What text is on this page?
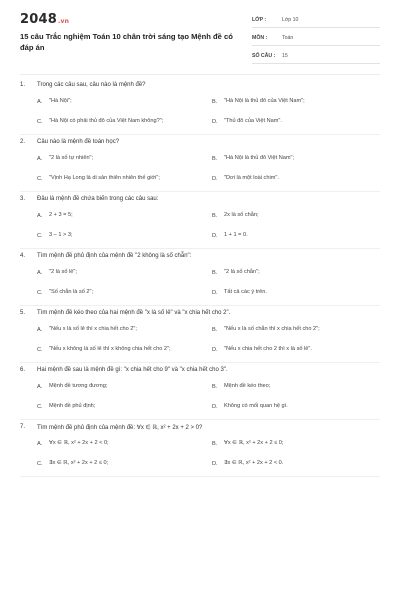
2048.vn
15 câu Trắc nghiệm Toán 10 chân trời sáng tạo Mệnh đề có đáp án
LỚP :	Lớp 10
MÔN :	Toán
SỐ CÂU :	15
1.	Trong các câu sau, câu nào là mệnh đề?
A.	"Hà Nội";	B.	"Hà Nội là thủ đô của Việt Nam";
C.	"Hà Nội có phải thủ đô của Việt Nam không?";	D.	"Thủ đô của Việt Nam".
2.	Câu nào là mệnh đề toán học?
A.	"2 là số tự nhiên";	B.	"Hà Nội là thủ đô Việt Nam";
C.	"Vịnh Hạ Long là di sản thiên nhiên thế giới";	D.	"Dơi là một loài chim".
3.	Đâu là mệnh đề chứa biến trong các câu sau:
A.	2 + 3 = 5;	B.	2x là số chẵn;
C.	3 – 1 > 3;	D.	1 + 1 = 0.
4.	Tìm mệnh đề phủ định của mệnh đề "2 không là số chẵn":
A.	"2 là số lẻ";	B.	"2 là số chẵn";
C.	"Số chẵn là số 2";	D.	Tất cả các ý trên.
5.	Tìm mệnh đề kéo theo của hai mệnh đề "x là số lẻ" và "x chia hết cho 2".
A.	"Nếu x là số lẻ thì x chia hết cho 2";	B.	"Nếu x là số chẵn thì x chia hết cho 2";
C.	"Nếu x không là số lẻ thì x không chia hết cho 2";	D.	"Nếu x chia hết cho 2 thì x là số lẻ".
6.	Hai mệnh đề sau là mệnh đề gì: "x chia hết cho 9" và "x chia hết cho 3".
A.	Mệnh đề tương đương;	B.	Mệnh đề kéo theo;
C.	Mệnh đề phủ định;	D.	Không có mối quan hệ gì.
7.	Tìm mệnh đề phủ định của mệnh đề: ∀x ∈ ℝ, x² + 2x + 2 > 0?
A.	∀x ∈ ℝ, x² + 2x + 2 < 0;	B.	∀x ∈ ℝ, x² + 2x + 2 ≤ 0;
C.	∃x ∈ ℝ, x² + 2x + 2 ≤ 0;	D.	∃x ∈ ℝ, x² + 2x + 2 < 0.
